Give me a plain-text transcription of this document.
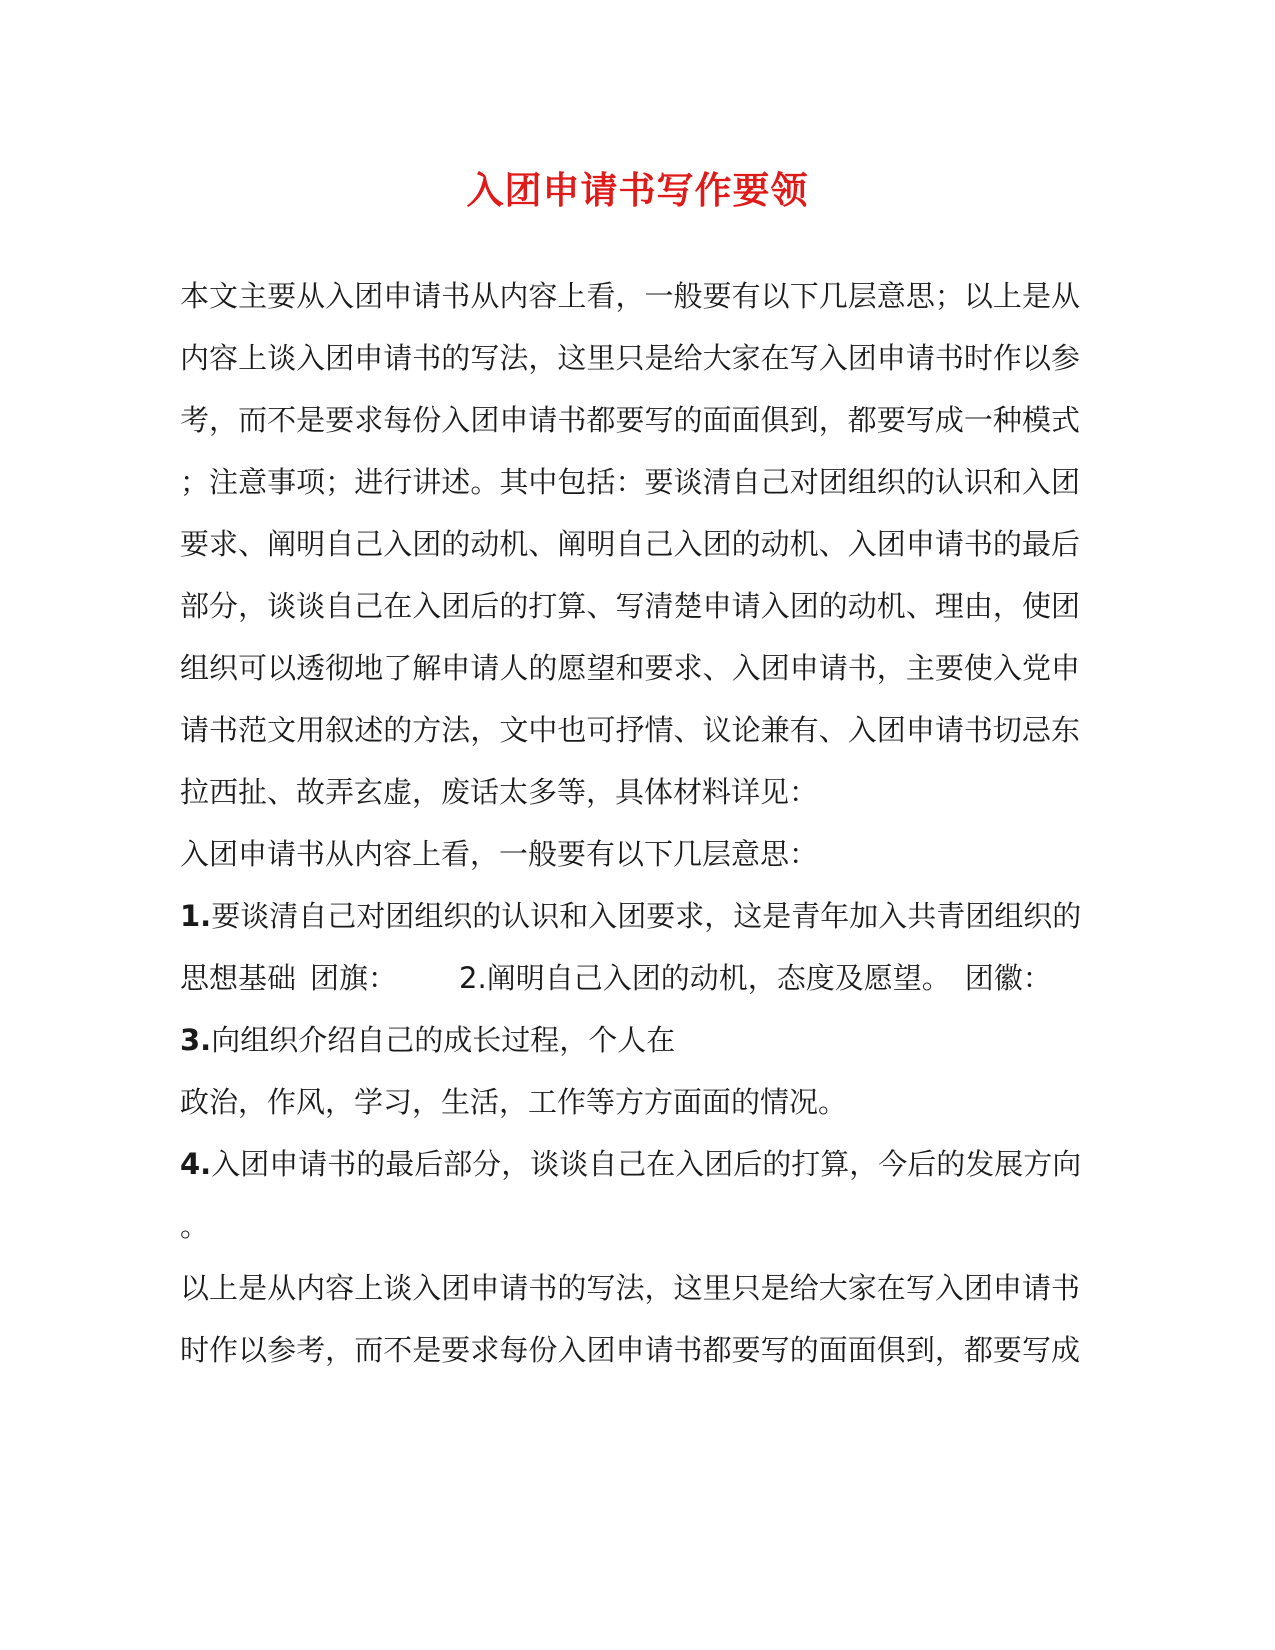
入团申请书写作要领
本文主要从入团申请书从内容上看，一般要有以下几层意思；以上是从
内容上谈入团申请书的写法，这里只是给大家在写入团申请书时作以参
考，而不是要求每份入团申请书都要写的面面俱到，都要写成一种模式
；注意事项；进行讲述。其中包括：要谈清自己对团组织的认识和入团
要求、阐明自己入团的动机、阐明自己入团的动机、入团申请书的最后
部分，谈谈自己在入团后的打算、写清楚申请入团的动机、理由，使团
组织可以透彻地了解申请人的愿望和要求、入团申请书，主要使入党申
请书范文用叙述的方法，文中也可抒情、议论兼有、入团申请书切忌东
拉西扯、故弄玄虚，废话太多等，具体材料详见：
入团申请书从内容上看，一般要有以下几层意思：
1.要谈清自己对团组织的认识和入团要求，这是青年加入共青团组织的
思想基础 团旗： 2.阐明自己入团的动机，态度及愿望。 团徽：
3.向组织介绍自己的成长过程，个人在
政治，作风，学习，生活，工作等方方面面的情况。
4.入团申请书的最后部分，谈谈自己在入团后的打算，今后的发展方向
。
以上是从内容上谈入团申请书的写法，这里只是给大家在写入团申请书
时作以参考，而不是要求每份入团申请书都要写的面面俱到，都要写成
